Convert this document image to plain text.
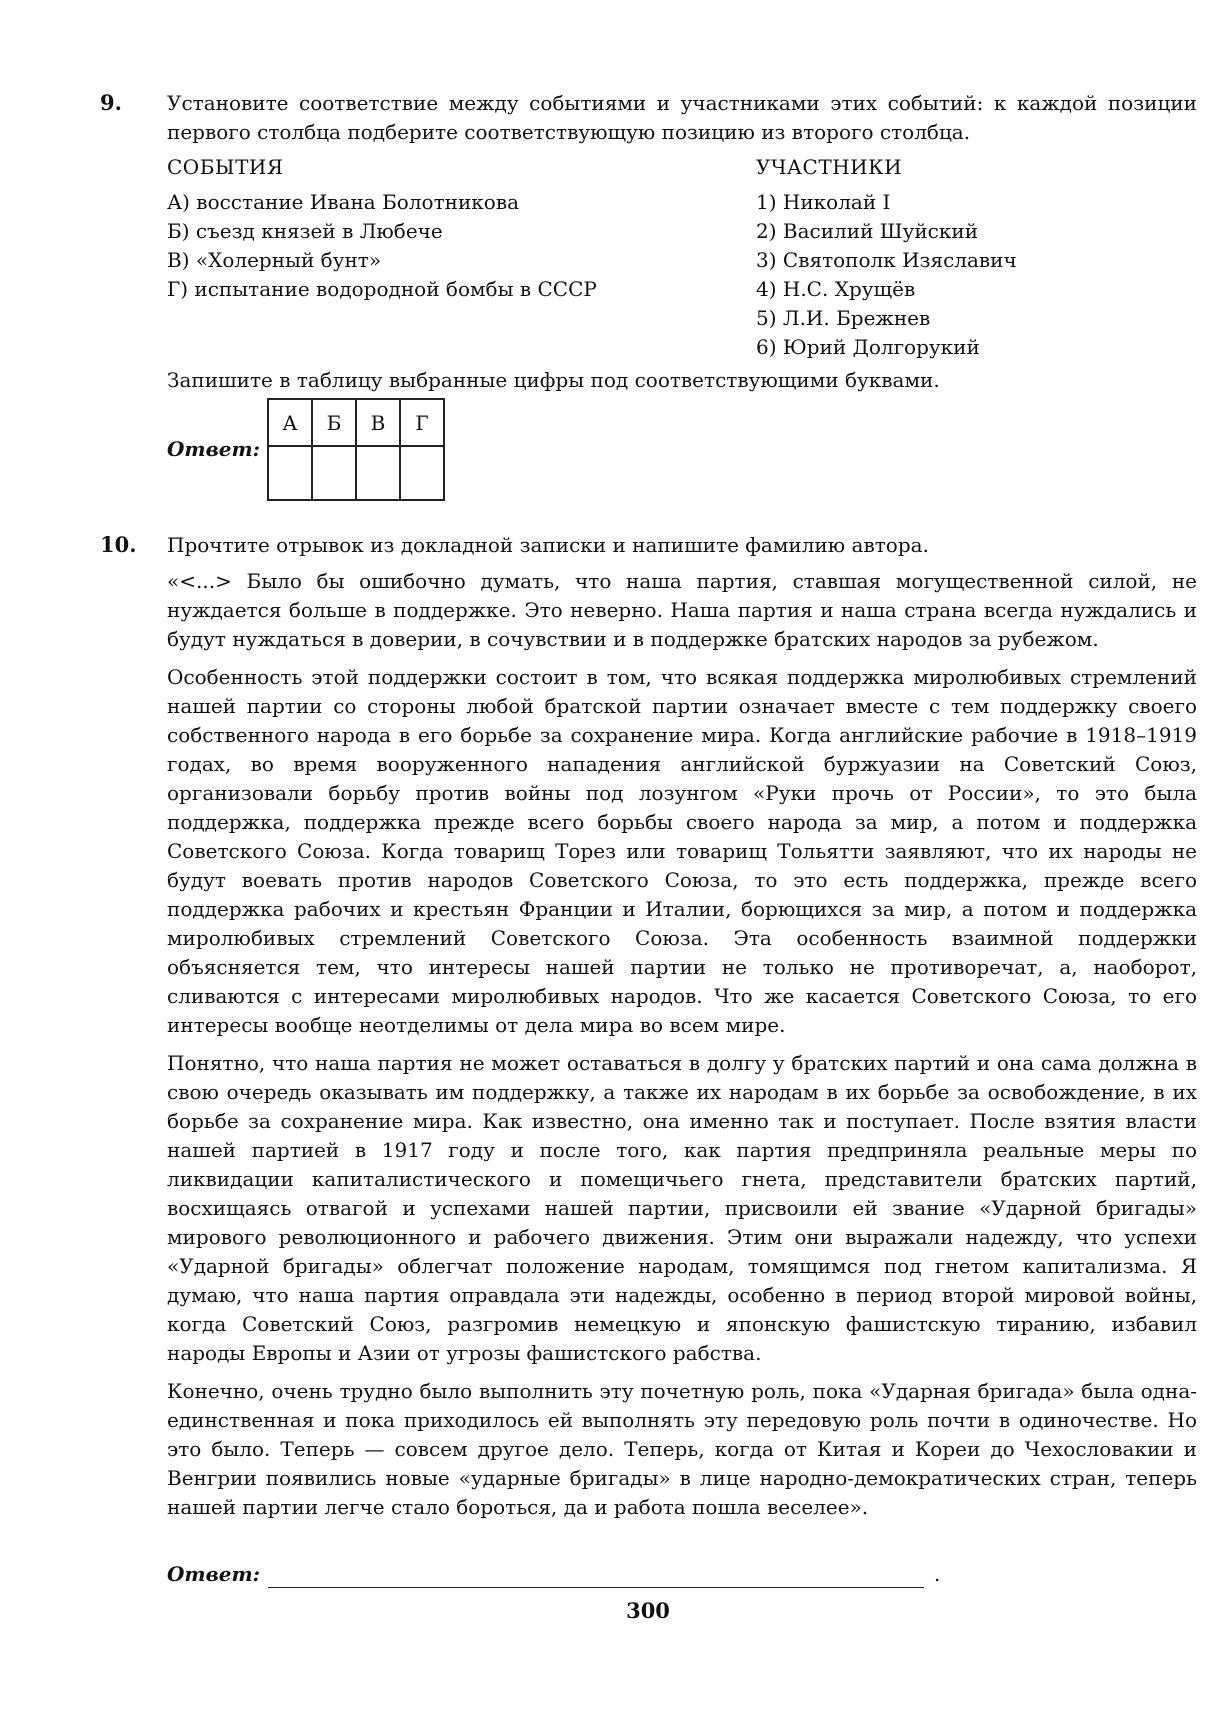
9. Установите соответствие между событиями и участниками этих событий: к каждой позиции первого столбца подберите соответствующую позицию из второго столбца.
СОБЫТИЯ	УЧАСТНИКИ
А) восстание Ивана Болотникова
Б) съезд князей в Любече
В) «Холерный бунт»
Г) испытание водородной бомбы в СССР
1) Николай I
2) Василий Шуйский
3) Святополк Изяславич
4) Н.С. Хрущёв
5) Л.И. Брежнев
6) Юрий Долгорукий
Запишите в таблицу выбранные цифры под соответствующими буквами.
Ответ:
А	Б	В	Г

10. Прочтите отрывок из докладной записки и напишите фамилию автора.

«<...> Было бы ошибочно думать, что наша партия, ставшая могущественной силой, не нуждается больше в поддержке. Это неверно. Наша партия и наша страна всегда нуждались и будут нуждаться в доверии, в сочувствии и в поддержке братских народов за рубежом.

Особенность этой поддержки состоит в том, что всякая поддержка миролюбивых стремлений нашей партии со стороны любой братской партии означает вместе с тем поддержку своего собственного народа в его борьбе за сохранение мира. Когда английские рабочие в 1918–1919 годах, во время вооруженного нападения английской буржуазии на Советский Союз, организовали борьбу против войны под лозунгом «Руки прочь от России», то это была поддержка, поддержка прежде всего борьбы своего народа за мир, а потом и поддержка Советского Союза. Когда товарищ Торез или товарищ Тольятти заявляют, что их народы не будут воевать против народов Советского Союза, то это есть поддержка, прежде всего поддержка рабочих и крестьян Франции и Италии, борющихся за мир, а потом и поддержка миролюбивых стремлений Советского Союза. Эта особенность взаимной поддержки объясняется тем, что интересы нашей партии не только не противоречат, а, наоборот, сливаются с интересами миролюбивых народов. Что же касается Советского Союза, то его интересы вообще неотделимы от дела мира во всем мире.

Понятно, что наша партия не может оставаться в долгу у братских партий и она сама должна в свою очередь оказывать им поддержку, а также их народам в их борьбе за освобождение, в их борьбе за сохранение мира. Как известно, она именно так и поступает. После взятия власти нашей партией в 1917 году и после того, как партия предприняла реальные меры по ликвидации капиталистического и помещичьего гнета, представители братских партий, восхищаясь отвагой и успехами нашей партии, присвоили ей звание «Ударной бригады» мирового революционного и рабочего движения. Этим они выражали надежду, что успехи «Ударной бригады» облегчат положение народам, томящимся под гнетом капитализма. Я думаю, что наша партия оправдала эти надежды, особенно в период второй мировой войны, когда Советский Союз, разгромив немецкую и японскую фашистскую тиранию, избавил народы Европы и Азии от угрозы фашистского рабства.

Конечно, очень трудно было выполнить эту почетную роль, пока «Ударная бригада» была одна-единственная и пока приходилось ей выполнять эту передовую роль почти в одиночестве. Но это было. Теперь — совсем другое дело. Теперь, когда от Китая и Кореи до Чехословакии и Венгрии появились новые «ударные бригады» в лице народно-демократических стран, теперь нашей партии легче стало бороться, да и работа пошла веселее».

Ответ:	.
300
